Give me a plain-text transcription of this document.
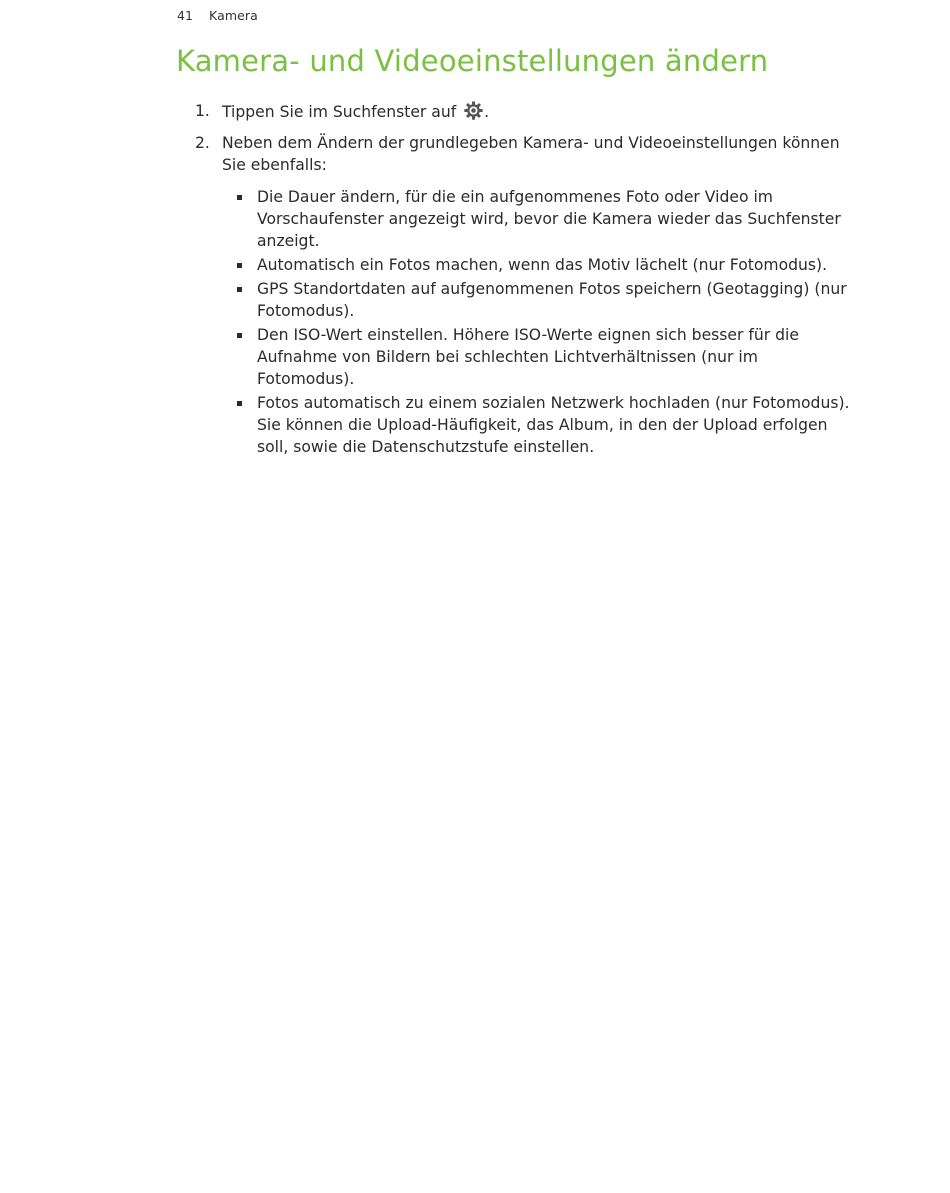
41 Kamera
Kamera- und Videoeinstellungen ändern
1. Tippen Sie im Suchfenster auf .
2. Neben dem Ändern der grundlegeben Kamera- und Videoeinstellungen können Sie ebenfalls:
Die Dauer ändern, für die ein aufgenommenes Foto oder Video im Vorschaufenster angezeigt wird, bevor die Kamera wieder das Suchfenster anzeigt.
Automatisch ein Fotos machen, wenn das Motiv lächelt (nur Fotomodus).
GPS Standortdaten auf aufgenommenen Fotos speichern (Geotagging) (nur Fotomodus).
Den ISO-Wert einstellen. Höhere ISO-Werte eignen sich besser für die Aufnahme von Bildern bei schlechten Lichtverhältnissen (nur im Fotomodus).
Fotos automatisch zu einem sozialen Netzwerk hochladen (nur Fotomodus). Sie können die Upload-Häufigkeit, das Album, in den der Upload erfolgen soll, sowie die Datenschutzstufe einstellen.
